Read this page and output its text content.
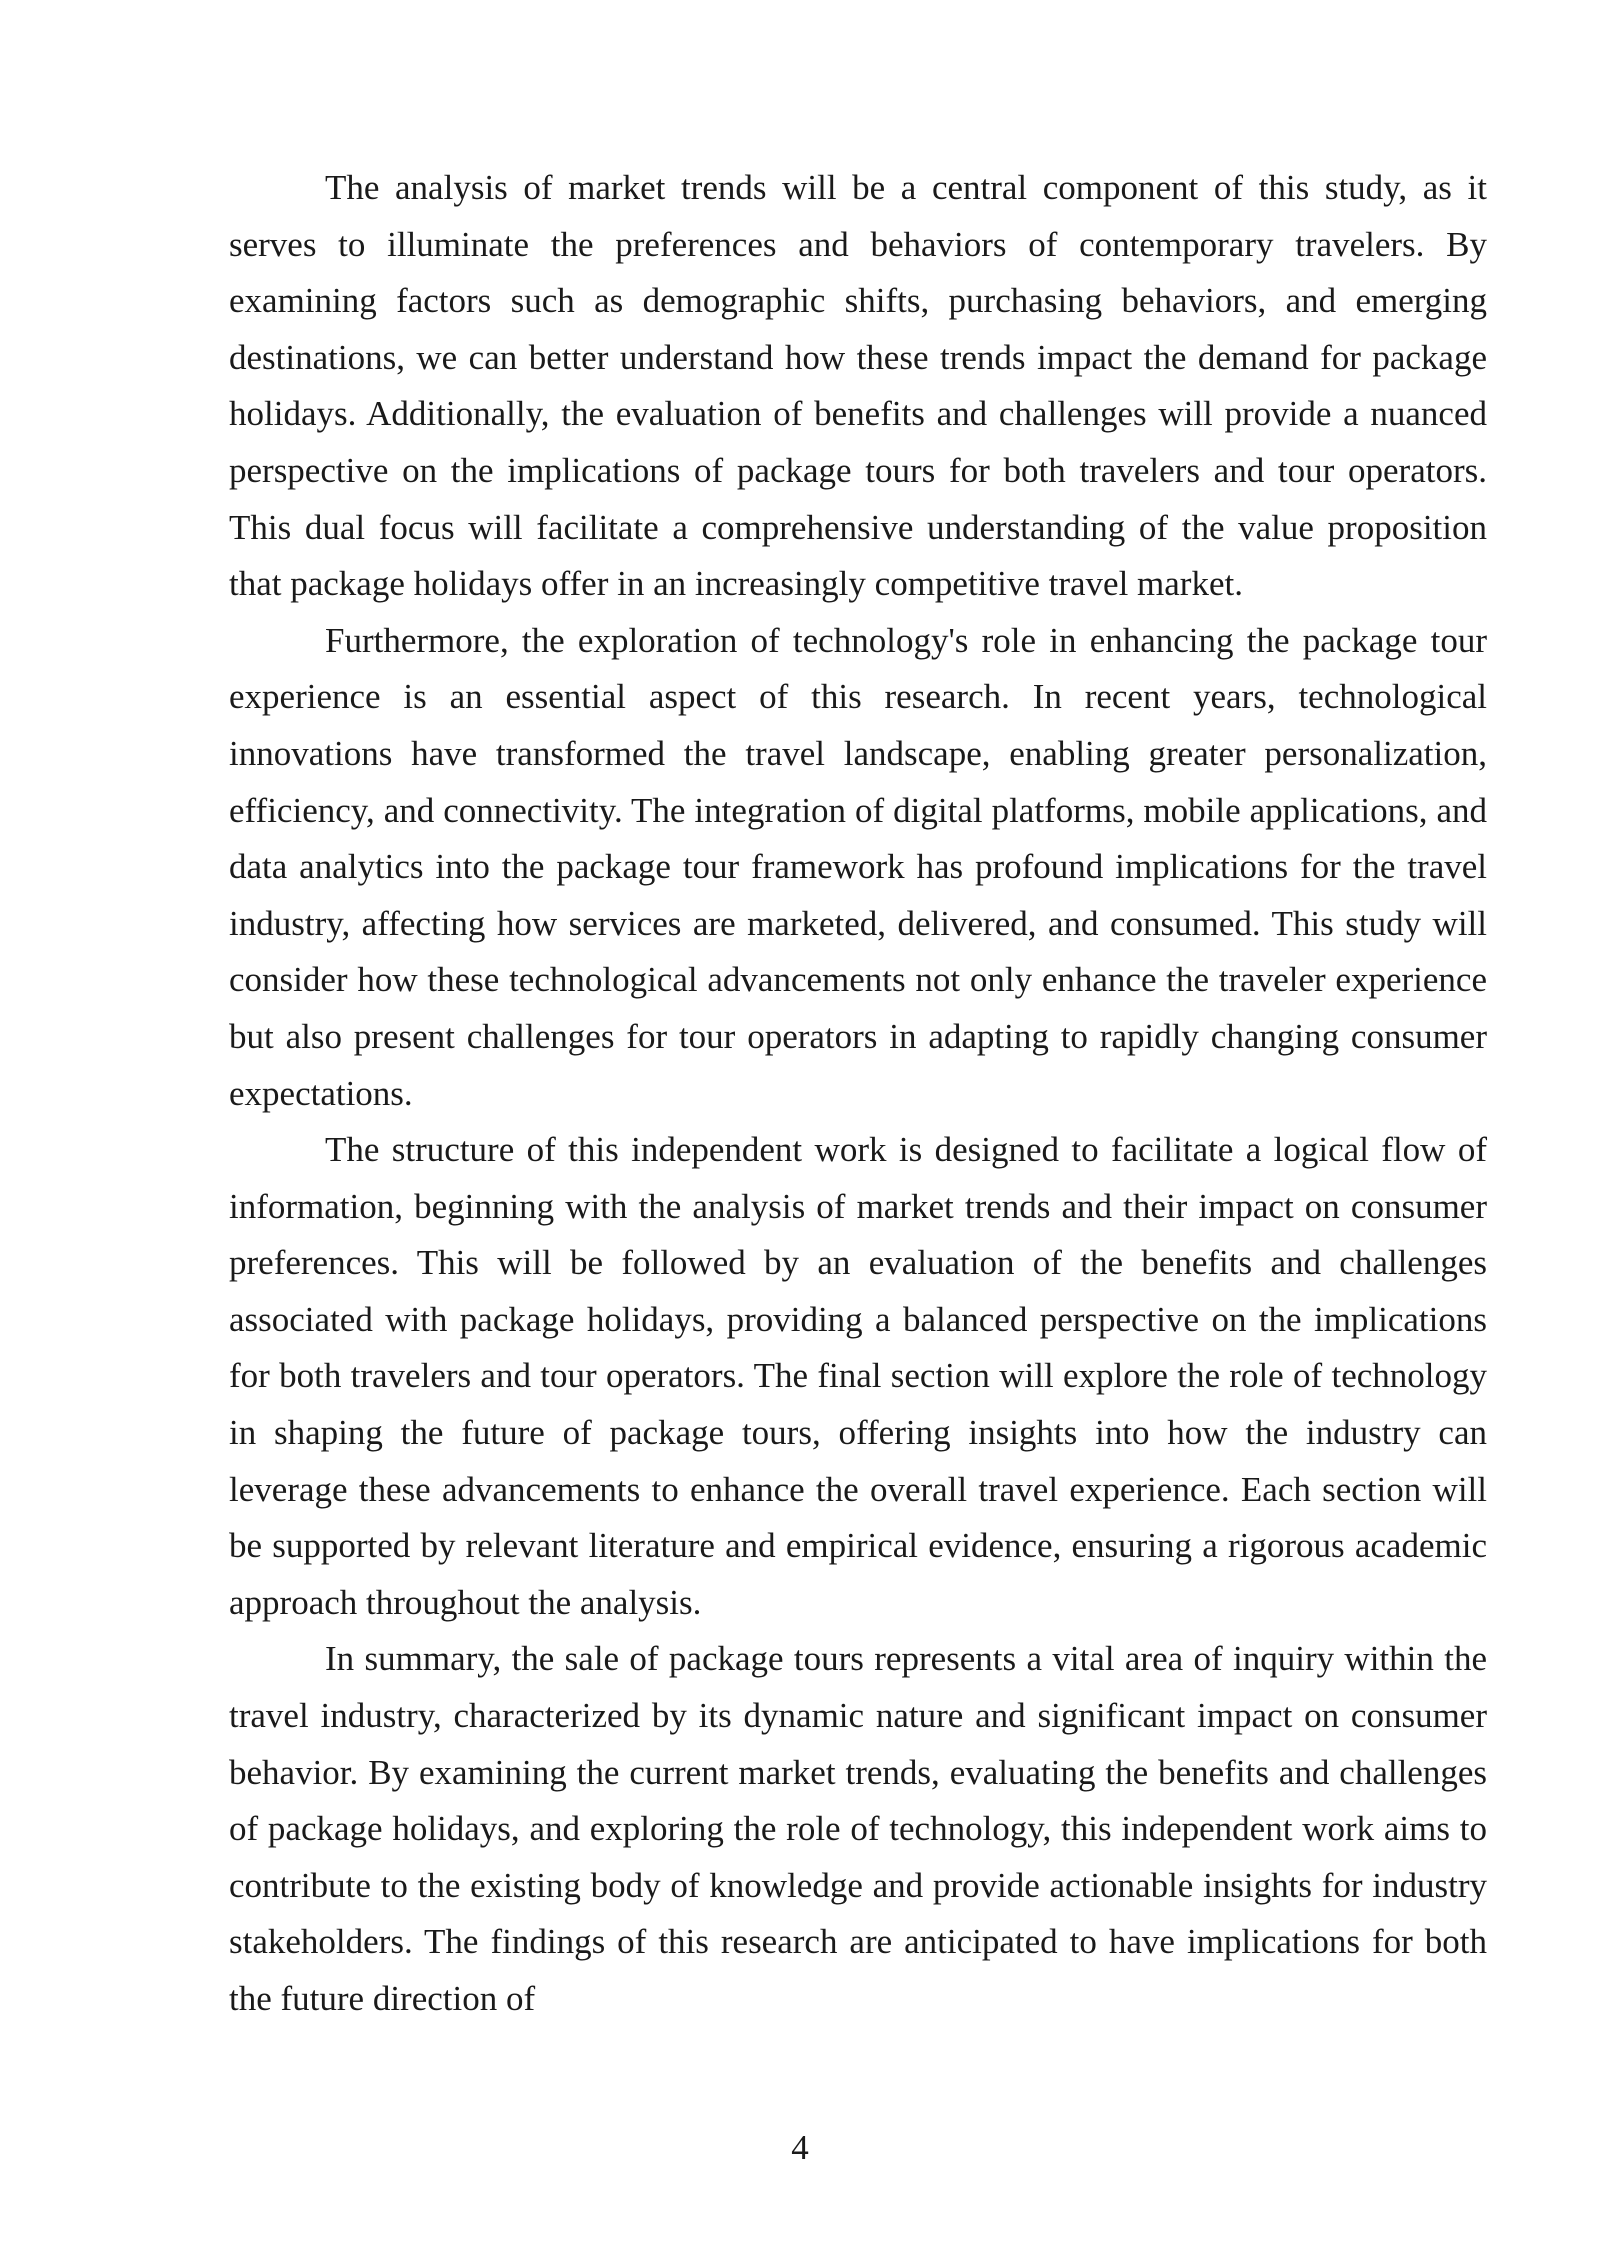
The analysis of market trends will be a central component of this study, as it serves to illuminate the preferences and behaviors of contemporary travelers. By examining factors such as demographic shifts, purchasing behaviors, and emerging destinations, we can better understand how these trends impact the demand for package holidays. Additionally, the evaluation of benefits and challenges will provide a nuanced perspective on the implications of package tours for both travelers and tour operators. This dual focus will facilitate a comprehensive understanding of the value proposition that package holidays offer in an increasingly competitive travel market.

Furthermore, the exploration of technology's role in enhancing the package tour experience is an essential aspect of this research. In recent years, technological innovations have transformed the travel landscape, enabling greater personalization, efficiency, and connectivity. The integration of digital platforms, mobile applications, and data analytics into the package tour framework has profound implications for the travel industry, affecting how services are marketed, delivered, and consumed. This study will consider how these technological advancements not only enhance the traveler experience but also present challenges for tour operators in adapting to rapidly changing consumer expectations.

The structure of this independent work is designed to facilitate a logical flow of information, beginning with the analysis of market trends and their impact on consumer preferences. This will be followed by an evaluation of the benefits and challenges associated with package holidays, providing a balanced perspective on the implications for both travelers and tour operators. The final section will explore the role of technology in shaping the future of package tours, offering insights into how the industry can leverage these advancements to enhance the overall travel experience. Each section will be supported by relevant literature and empirical evidence, ensuring a rigorous academic approach throughout the analysis.

In summary, the sale of package tours represents a vital area of inquiry within the travel industry, characterized by its dynamic nature and significant impact on consumer behavior. By examining the current market trends, evaluating the benefits and challenges of package holidays, and exploring the role of technology, this independent work aims to contribute to the existing body of knowledge and provide actionable insights for industry stakeholders. The findings of this research are anticipated to have implications for both the future direction of

4
